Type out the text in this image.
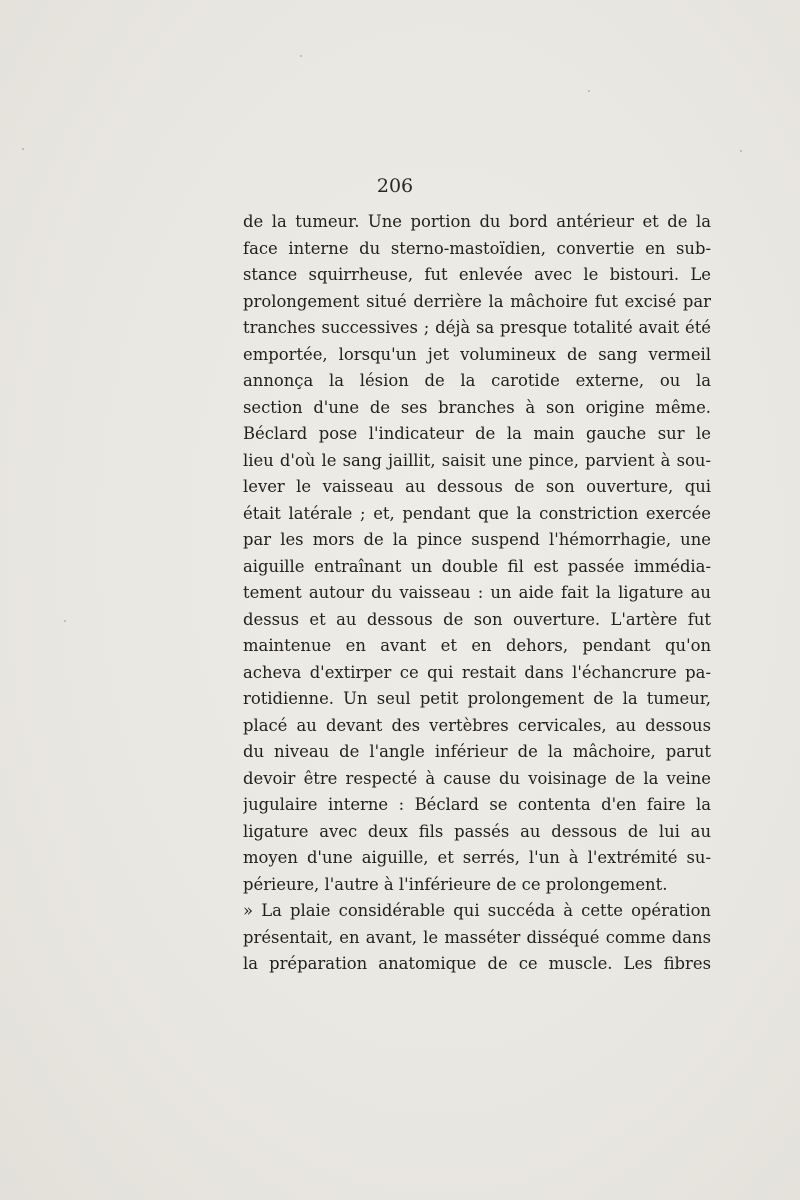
206
de la tumeur. Une portion du bord antérieur et de la
face interne du sterno-mastoïdien, convertie en sub-
stance squirrheuse, fut enlevée avec le bistouri. Le
prolongement situé derrière la mâchoire fut excisé par
tranches successives ; déjà sa presque totalité avait été
emportée, lorsqu'un jet volumineux de sang vermeil
annonça la lésion de la carotide externe, ou la
section d'une de ses branches à son origine même.
Béclard pose l'indicateur de la main gauche sur le
lieu d'où le sang jaillit, saisit une pince, parvient à sou-
lever le vaisseau au dessous de son ouverture, qui
était latérale ; et, pendant que la constriction exercée
par les mors de la pince suspend l'hémorrhagie, une
aiguille entraînant un double fil est passée immédia-
tement autour du vaisseau : un aide fait la ligature au
dessus et au dessous de son ouverture. L'artère fut
maintenue en avant et en dehors, pendant qu'on
acheva d'extirper ce qui restait dans l'échancrure pa-
rotidienne. Un seul petit prolongement de la tumeur,
placé au devant des vertèbres cervicales, au dessous
du niveau de l'angle inférieur de la mâchoire, parut
devoir être respecté à cause du voisinage de la veine
jugulaire interne : Béclard se contenta d'en faire la
ligature avec deux fils passés au dessous de lui au
moyen d'une aiguille, et serrés, l'un à l'extrémité su-
périeure, l'autre à l'inférieure de ce prolongement.
» La plaie considérable qui succéda à cette opération
présentait, en avant, le masséter disséqué comme dans
la préparation anatomique de ce muscle. Les fibres
